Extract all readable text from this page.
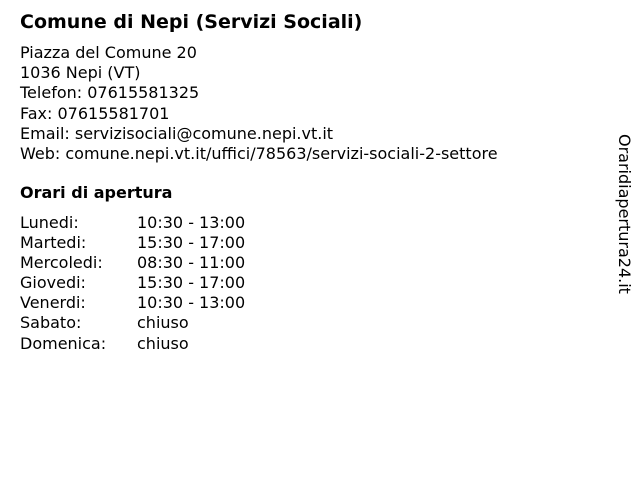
Comune di Nepi (Servizi Sociali)
Piazza del Comune 20
1036 Nepi (VT)
Telefon: 07615581325
Fax: 07615581701
Email: servizisociali@comune.nepi.vt.it
Web: comune.nepi.vt.it/uffici/78563/servizi-sociali-2-settore
Orari di apertura
Lunedi:	10:30 - 13:00
Martedi:	15:30 - 17:00
Mercoledi: 08:30 - 11:00
Giovedi:	15:30 - 17:00
Venerdi:	10:30 - 13:00
Sabato:	chiuso
Domenica: chiuso
Oraridiapertura24.it
